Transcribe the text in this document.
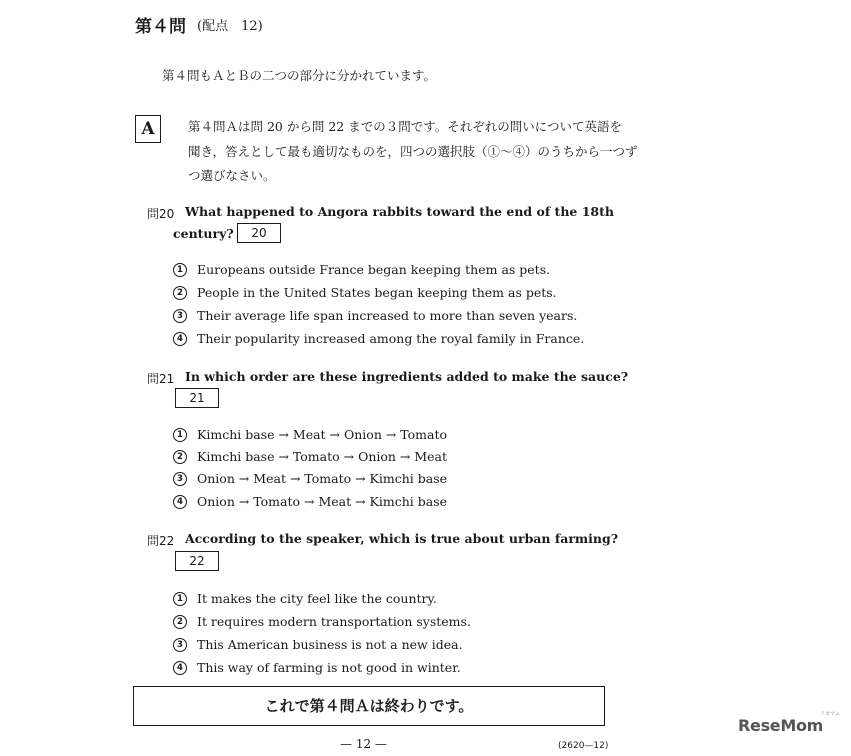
第４問 (配点　12)
第４問もＡとＢの二つの部分に分かれています。
A	第４問Ａは問 20 から問 22 までの３問です。それぞれの問いについて英語を
聞き，答えとして最も適切なものを，四つの選択肢（①〜④）のうちから一つず
つ選びなさい。
問20 What happened to Angora rabbits toward the end of the 18th
century?	20
1	Europeans outside France began keeping them as pets.
2	People in the United States began keeping them as pets.
3	Their average life span increased to more than seven years.
4	Their popularity increased among the royal family in France.
問21 In which order are these ingredients added to make the sauce?
21
1	Kimchi base → Meat → Onion → Tomato
2	Kimchi base → Tomato → Onion → Meat
3	Onion → Meat → Tomato → Kimchi base
4	Onion → Tomato → Meat → Kimchi base
問22 According to the speaker, which is true about urban farming?
22
1	It makes the city feel like the country.
2	It requires modern transportation systems.
3	This American business is not a new idea.
4	This way of farming is not good in winter.
これで第４問Ａは終わりです。
— 12 —	(2620—12)
ReseMom
リセマム
